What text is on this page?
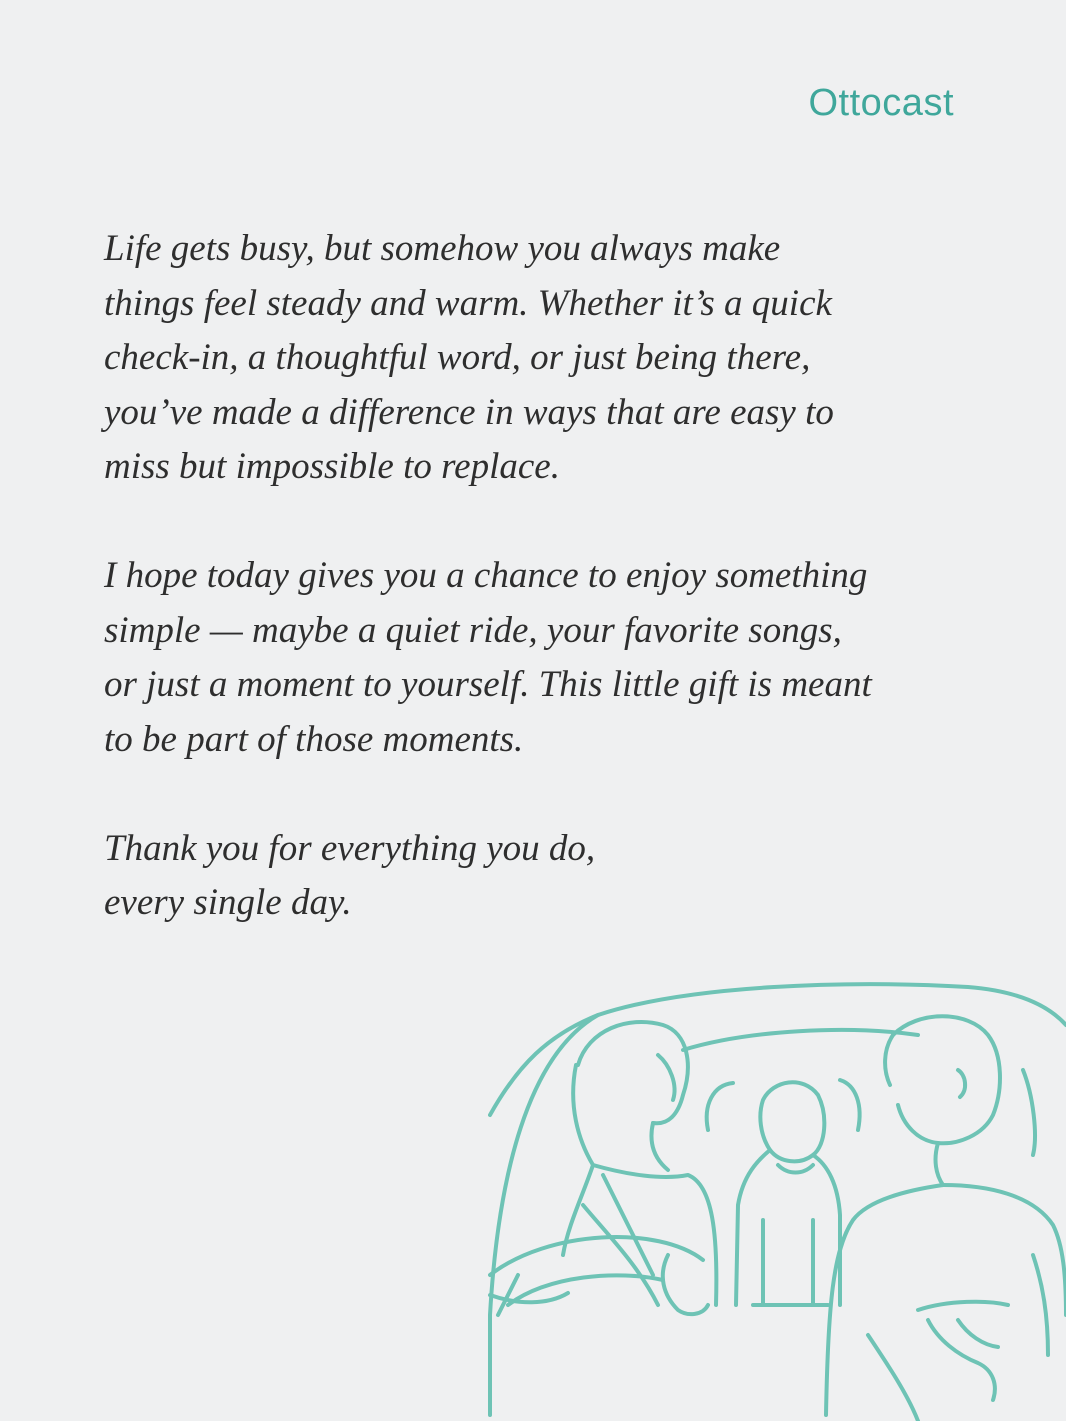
Ottocast

Life gets busy, but somehow you always make
things feel steady and warm. Whether it’s a quick
check-in, a thoughtful word, or just being there,
you’ve made a difference in ways that are easy to
miss but impossible to replace.

I hope today gives you a chance to enjoy something
simple — maybe a quiet ride, your favorite songs,
or just a moment to yourself. This little gift is meant
to be part of those moments.

Thank you for everything you do,
every single day.
